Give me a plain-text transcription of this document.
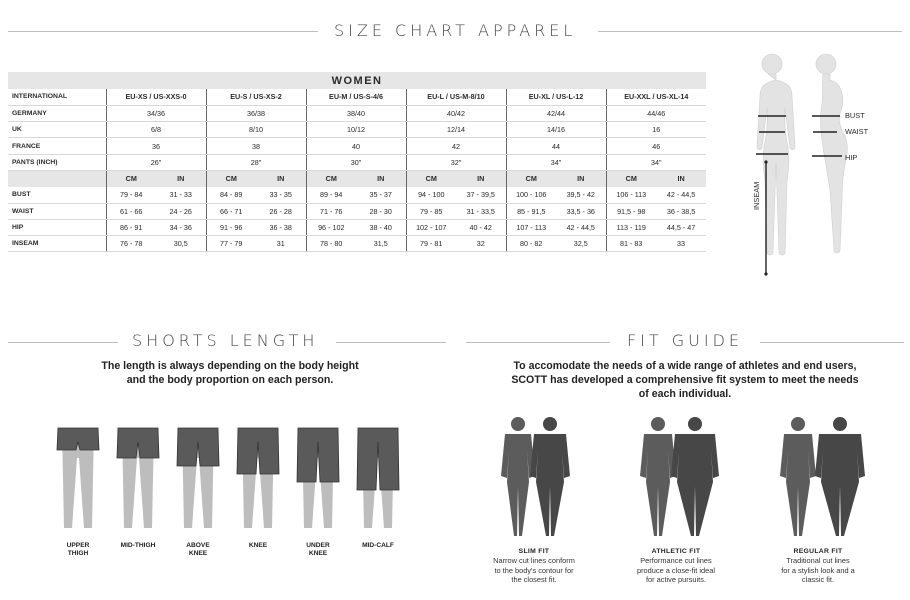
SIZE CHART APPAREL
WOMEN												
INTERNATIONAL	EU-XS / US-XXS-0		EU-S / US-XS-2		EU-M / US-S-4/6		EU-L / US-M-8/10		EU-XL / US-L-12		EU-XXL / US-XL-14	
GERMANY	34/36		36/38		38/40		40/42		42/44		44/46	
UK	6/8		8/10		10/12		12/14		14/16		16	
FRANCE	36		38		40		42		44		46	
PANTS (INCH)	26"		28"		30"		32"		34"		34"	
	CM	IN	CM	IN	CM	IN	CM	IN	CM	IN	CM	IN
BUST	79 - 84	31 - 33	84 - 89	33 - 35	89 - 94	35 - 37	94 - 100	37 - 39,5	100 - 106	39,5 - 42	106 - 113	42 - 44,5
WAIST	61 - 66	24 - 26	66 - 71	26 - 28	71 - 76	28 - 30	79 - 85	31 - 33,5	85 - 91,5	33,5 - 36	91,5 - 98	36 - 38,5
HIP	86 - 91	34 - 36	91 - 96	36 - 38	96 - 102	38 - 40	102 - 107	40 - 42	107 - 113	42 - 44,5	113 - 119	44,5 - 47
INSEAM	76 - 78	30,5	77 - 79	31	78 - 80	31,5	79 - 81	32	80 - 82	32,5	81 - 83	33
BUST
WAIST
HIP
INSEAM
SHORTS LENGTH
The length is always depending on the body height
and the body proportion on each person.
UPPER
THIGH
MID-THIGH	ABOVE
KNEE
KNEE	UNDER
KNEE
MID-CALF
FIT GUIDE
To accomodate the needs of a wide range of athletes and end users,
SCOTT has developed a comprehensive fit system to meet the needs
of each individual.
SLIM FIT
Narrow cut lines conform
to the body's contour for
the closest fit.
ATHLETIC FIT
Performance cut lines
produce a close-fit ideal
for active pursuits.
REGULAR FIT
Traditional cut lines
for a stylish look and a
classic fit.
